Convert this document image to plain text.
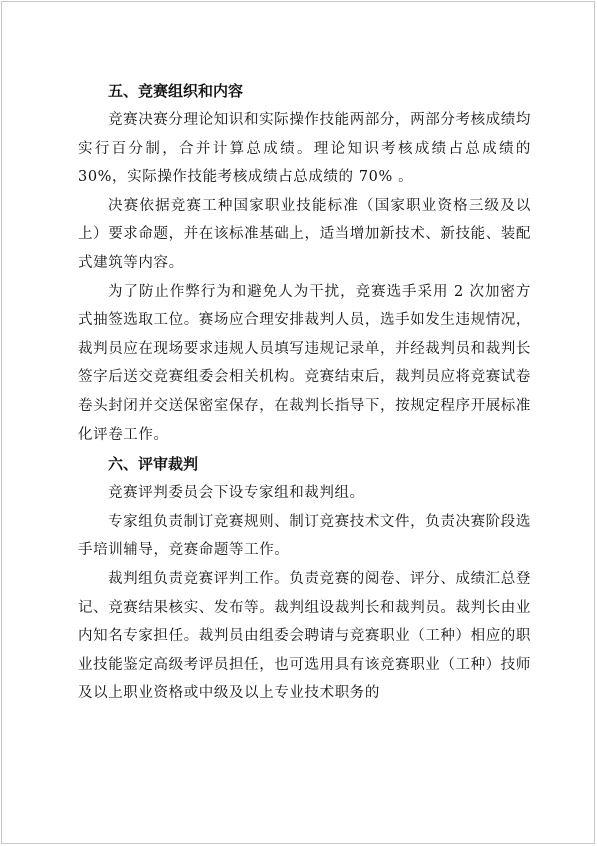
五、竞赛组织和内容

竞赛决赛分理论知识和实际操作技能两部分，两部分考核成绩均实行百分制，合并计算总成绩。理论知识考核成绩占总成绩的 30%，实际操作技能考核成绩占总成绩的 70% 。

决赛依据竞赛工种国家职业技能标准（国家职业资格三级及以上）要求命题，并在该标准基础上，适当增加新技术、新技能、装配式建筑等内容。

为了防止作弊行为和避免人为干扰，竞赛选手采用 2 次加密方式抽签选取工位。赛场应合理安排裁判人员，选手如发生违规情况，裁判员应在现场要求违规人员填写违规记录单，并经裁判员和裁判长签字后送交竞赛组委会相关机构。竞赛结束后，裁判员应将竞赛试卷卷头封闭并交送保密室保存，在裁判长指导下，按规定程序开展标准化评卷工作。

六、评审裁判

竞赛评判委员会下设专家组和裁判组。

专家组负责制订竞赛规则、制订竞赛技术文件，负责决赛阶段选手培训辅导，竞赛命题等工作。

裁判组负责竞赛评判工作。负责竞赛的阅卷、评分、成绩汇总登记、竞赛结果核实、发布等。裁判组设裁判长和裁判员。裁判长由业内知名专家担任。裁判员由组委会聘请与竞赛职业（工种）相应的职业技能鉴定高级考评员担任，也可选用具有该竞赛职业（工种）技师及以上职业资格或中级及以上专业技术职务的
